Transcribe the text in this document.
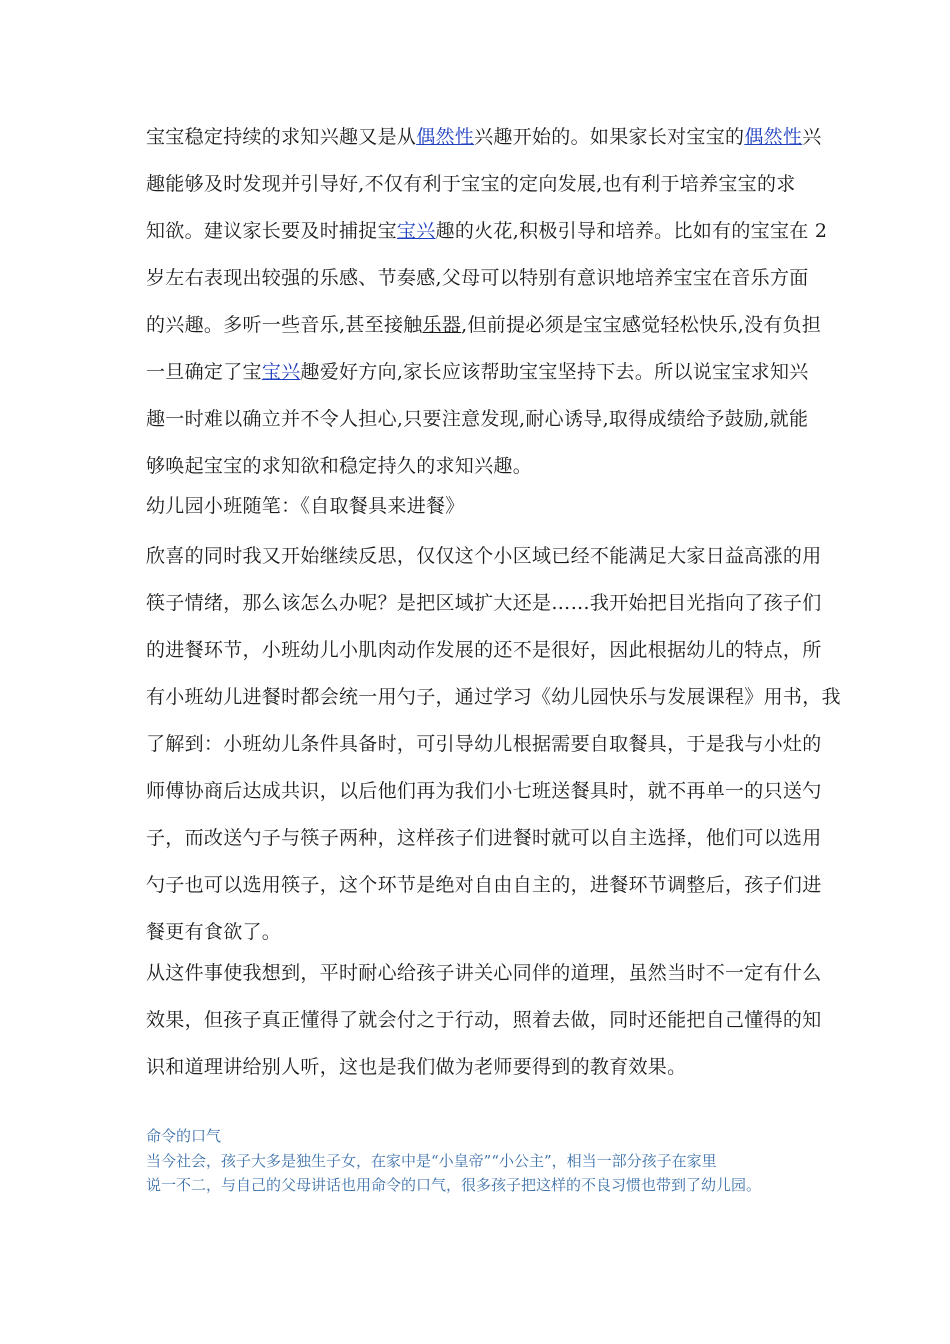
宝宝稳定持续的求知兴趣又是从偶然性兴趣开始的。如果家长对宝宝的偶然性兴
趣能够及时发现并引导好,不仅有利于宝宝的定向发展,也有利于培养宝宝的求
知欲。建议家长要及时捕捉宝宝兴趣的火花,积极引导和培养。比如有的宝宝在 2
岁左右表现出较强的乐感、节奏感,父母可以特别有意识地培养宝宝在音乐方面
的兴趣。多听一些音乐,甚至接触乐器,但前提必须是宝宝感觉轻松快乐,没有负担
一旦确定了宝宝兴趣爱好方向,家长应该帮助宝宝坚持下去。所以说宝宝求知兴
趣一时难以确立并不令人担心,只要注意发现,耐心诱导,取得成绩给予鼓励,就能
够唤起宝宝的求知欲和稳定持久的求知兴趣。
幼儿园小班随笔：《自取餐具来进餐》
欣喜的同时我又开始继续反思，仅仅这个小区域已经不能满足大家日益高涨的用
筷子情绪，那么该怎么办呢？是把区域扩大还是……我开始把目光指向了孩子们
的进餐环节，小班幼儿小肌肉动作发展的还不是很好，因此根据幼儿的特点，所
有小班幼儿进餐时都会统一用勺子，通过学习《幼儿园快乐与发展课程》用书，我
了解到：小班幼儿条件具备时，可引导幼儿根据需要自取餐具，于是我与小灶的
师傅协商后达成共识，以后他们再为我们小七班送餐具时，就不再单一的只送勺
子，而改送勺子与筷子两种，这样孩子们进餐时就可以自主选择，他们可以选用
勺子也可以选用筷子，这个环节是绝对自由自主的，进餐环节调整后，孩子们进
餐更有食欲了。
从这件事使我想到，平时耐心给孩子讲关心同伴的道理，虽然当时不一定有什么
效果，但孩子真正懂得了就会付之于行动，照着去做，同时还能把自己懂得的知
识和道理讲给别人听，这也是我们做为老师要得到的教育效果。
命令的口气
当今社会，孩子大多是独生子女，在家中是“小皇帝”“小公主”，相当一部分孩子在家里
说一不二，与自己的父母讲话也用命令的口气，很多孩子把这样的不良习惯也带到了幼儿园。
